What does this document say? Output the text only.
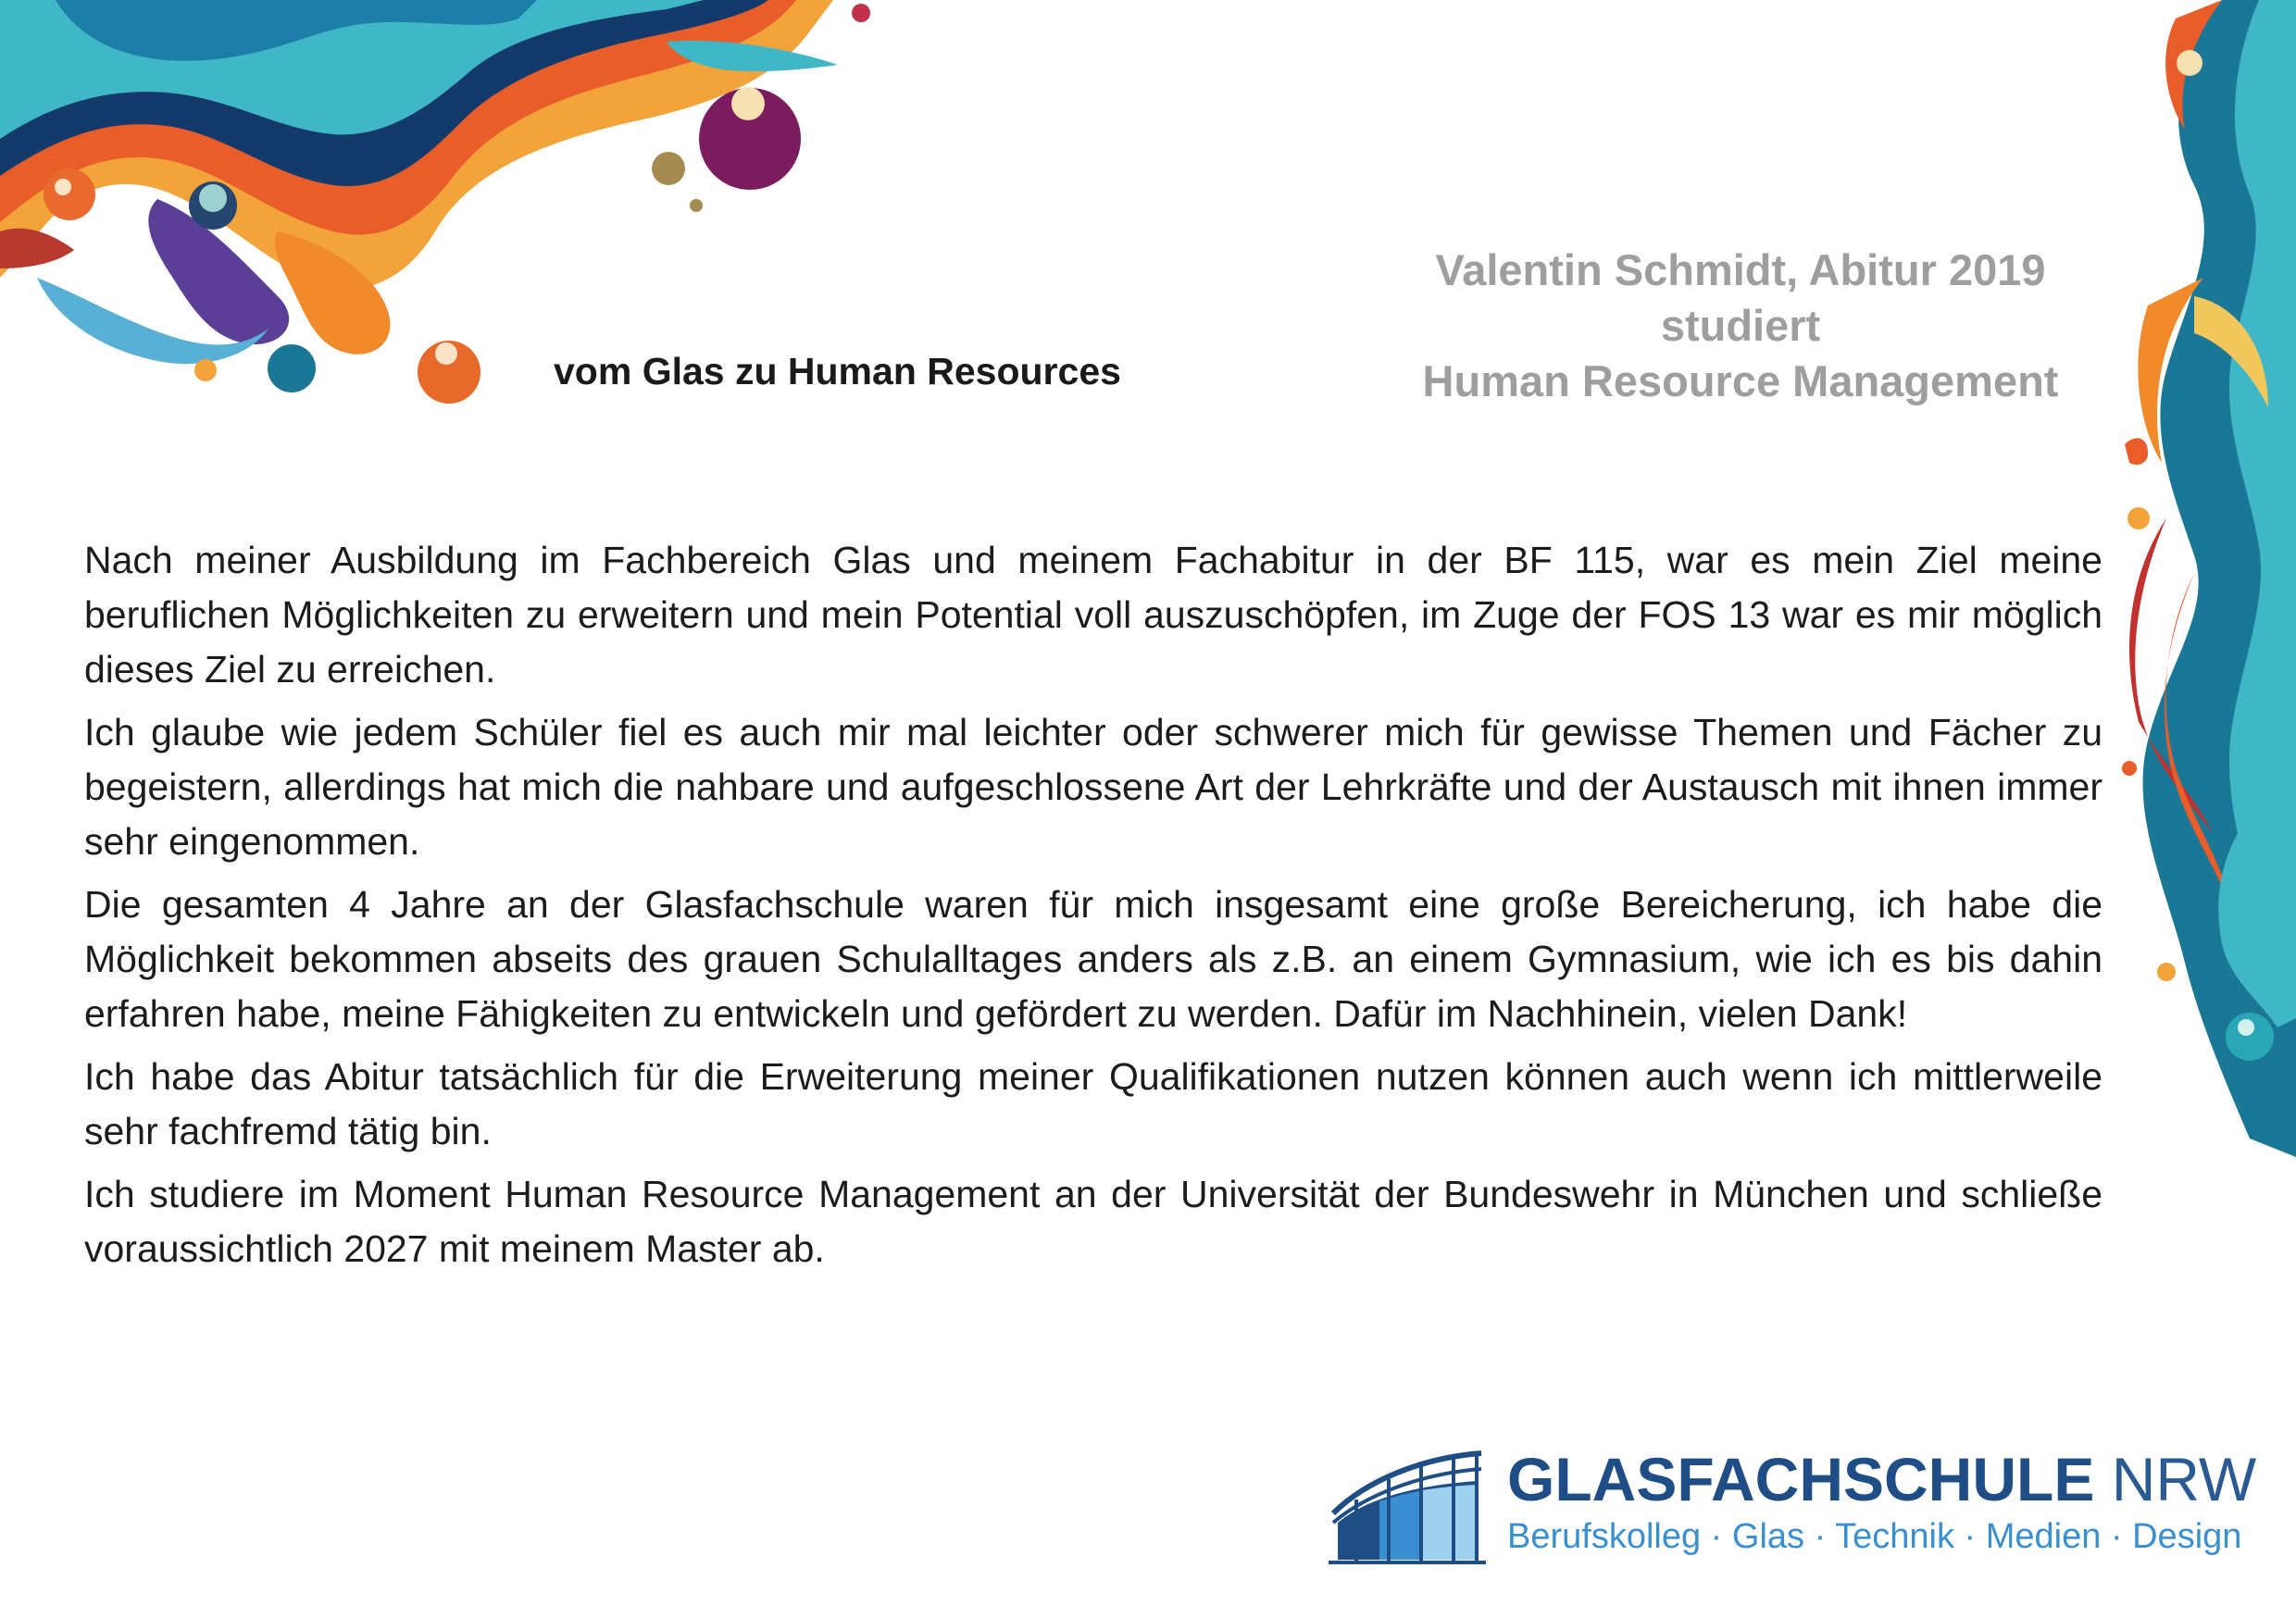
vom Glas zu Human Resources
Valentin Schmidt, Abitur 2019
studiert
Human Resource Management

Nach meiner Ausbildung im Fachbereich Glas und meinem Fachabitur in der BF 115, war es mein Ziel meine beruflichen Möglichkeiten zu erweitern und mein Potential voll auszuschöpfen, im Zuge der FOS 13 war es mir möglich dieses Ziel zu erreichen.

Ich glaube wie jedem Schüler fiel es auch mir mal leichter oder schwerer mich für gewisse Themen und Fächer zu begeistern, allerdings hat mich die nahbare und aufgeschlossene Art der Lehrkräfte und der Austausch mit ihnen immer sehr eingenommen.

Die gesamten 4 Jahre an der Glasfachschule waren für mich insgesamt eine große Bereicherung, ich habe die Möglichkeit bekommen abseits des grauen Schulalltages anders als z.B. an einem Gymnasium, wie ich es bis dahin erfahren habe, meine Fähigkeiten zu entwickeln und gefördert zu werden. Dafür im Nachhinein, vielen Dank!

Ich habe das Abitur tatsächlich für die Erweiterung meiner Qualifikationen nutzen können auch wenn ich mittlerweile sehr fachfremd tätig bin.

Ich studiere im Moment Human Resource Management an der Universität der Bundeswehr in München und schließe voraussichtlich 2027 mit meinem Master ab.

GLASFACHSCHULE NRW
Berufskolleg · Glas · Technik · Medien · Design
